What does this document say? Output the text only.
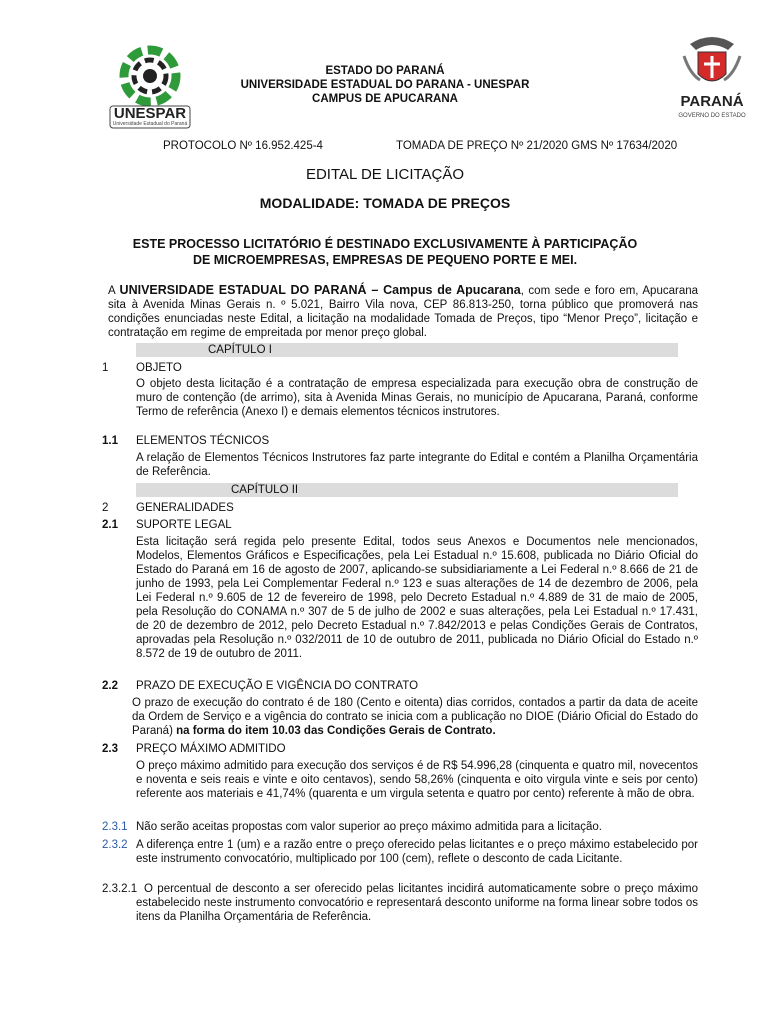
UNESPAR
Universidade Estadual do Paraná
PARANÁ
GOVERNO DO ESTADO
ESTADO DO PARANÁ
UNIVERSIDADE ESTADUAL DO PARANA - UNESPAR
CAMPUS DE APUCARANA
PROTOCOLO Nº 16.952.425-4	TOMADA DE PREÇO Nº 21/2020 GMS Nº 17634/2020
EDITAL DE LICITAÇÃO
MODALIDADE: TOMADA DE PREÇOS
ESTE PROCESSO LICITATÓRIO É DESTINADO EXCLUSIVAMENTE À PARTICIPAÇÃO
DE MICROEMPRESAS, EMPRESAS DE PEQUENO PORTE E MEI.
A UNIVERSIDADE ESTADUAL DO PARANÁ – Campus de Apucarana, com sede e foro em, Apucarana sita à Avenida Minas Gerais n. º 5.021, Bairro Vila nova, CEP 86.813-250, torna público que promoverá nas condições enunciadas neste Edital, a licitação na modalidade Tomada de Preços, tipo “Menor Preço”, licitação e contratação em regime de empreitada por menor preço global.
CAPÍTULO I
1 OBJETO
O objeto desta licitação é a contratação de empresa especializada para execução obra de construção de muro de contenção (de arrimo), sita à Avenida Minas Gerais, no município de Apucarana, Paraná, conforme Termo de referência (Anexo I) e demais elementos técnicos instrutores.
1.1 ELEMENTOS TÉCNICOS
A relação de Elementos Técnicos Instrutores faz parte integrante do Edital e contém a Planilha Orçamentária de Referência.
CAPÍTULO II
2 GENERALIDADES
2.1 SUPORTE LEGAL
Esta licitação será regida pelo presente Edital, todos seus Anexos e Documentos nele mencionados, Modelos, Elementos Gráficos e Especificações, pela Lei Estadual n.º 15.608, publicada no Diário Oficial do Estado do Paraná em 16 de agosto de 2007, aplicando-se subsidiariamente a Lei Federal n.º 8.666 de 21 de junho de 1993, pela Lei Complementar Federal n.º 123 e suas alterações de 14 de dezembro de 2006, pela Lei Federal n.º 9.605 de 12 de fevereiro de 1998, pelo Decreto Estadual n.º 4.889 de 31 de maio de 2005, pela Resolução do CONAMA n.º 307 de 5 de julho de 2002 e suas alterações, pela Lei Estadual n.º 17.431, de 20 de dezembro de 2012, pelo Decreto Estadual n.º 7.842/2013 e pelas Condições Gerais de Contratos, aprovadas pela Resolução n.º 032/2011 de 10 de outubro de 2011, publicada no Diário Oficial do Estado n.º 8.572 de 19 de outubro de 2011.
2.2 PRAZO DE EXECUÇÃO E VIGÊNCIA DO CONTRATO
O prazo de execução do contrato é de 180 (Cento e oitenta) dias corridos, contados a partir da data de aceite da Ordem de Serviço e a vigência do contrato se inicia com a publicação no DIOE (Diário Oficial do Estado do Paraná) na forma do item 10.03 das Condições Gerais de Contrato.
2.3 PREÇO MÁXIMO ADMITIDO
O preço máximo admitido para execução dos serviços é de R$ 54.996,28 (cinquenta e quatro mil, novecentos e noventa e seis reais e vinte e oito centavos), sendo 58,26% (cinquenta e oito virgula vinte e seis por cento) referente aos materiais e 41,74% (quarenta e um virgula setenta e quatro por cento) referente à mão de obra.
2.3.1 Não serão aceitas propostas com valor superior ao preço máximo admitida para a licitação.
2.3.2 A diferença entre 1 (um) e a razão entre o preço oferecido pelas licitantes e o preço máximo estabelecido por este instrumento convocatório, multiplicado por 100 (cem), reflete o desconto de cada Licitante.
2.3.2.1 O percentual de desconto a ser oferecido pelas licitantes incidirá automaticamente sobre o preço máximo estabelecido neste instrumento convocatório e representará desconto uniforme na forma linear sobre todos os itens da Planilha Orçamentária de Referência.
